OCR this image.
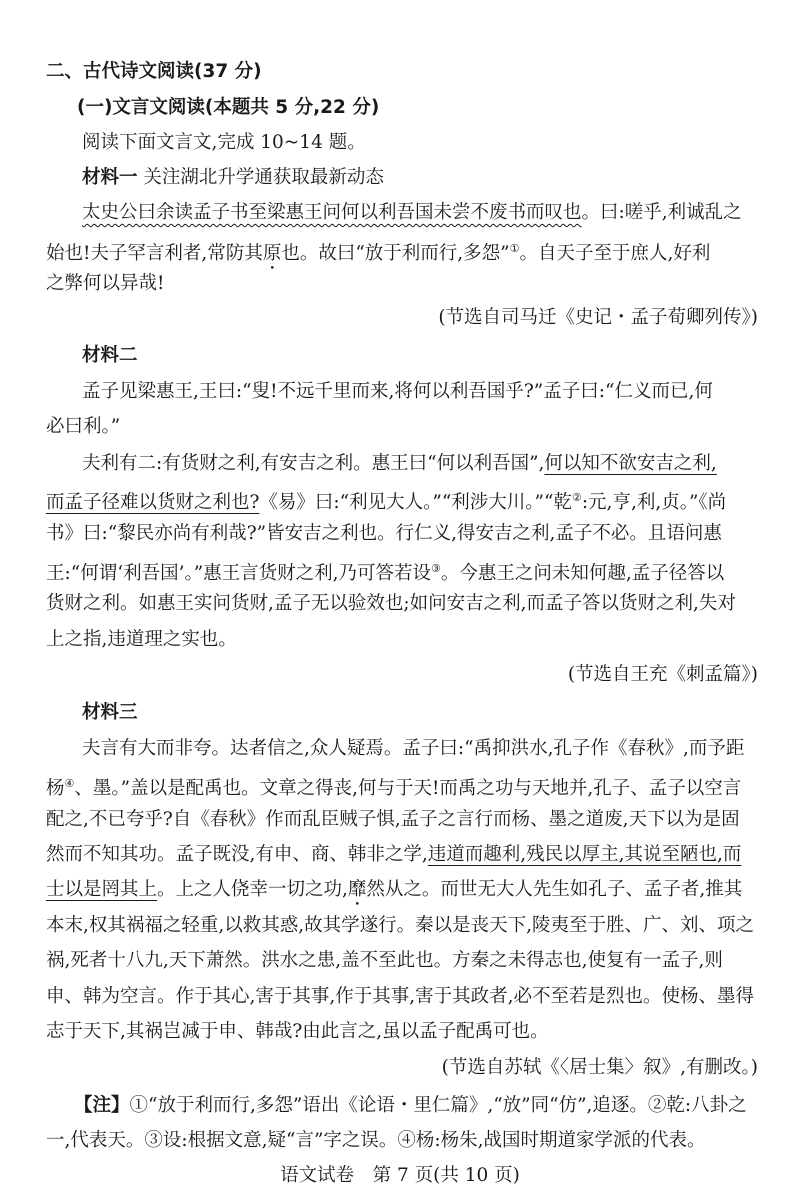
二、古代诗文阅读(37 分)
(一)文言文阅读(本题共 5 分,22 分)
阅读下面文言文,完成 10~14 题。
材料一 关注湖北升学通获取最新动态
太史公曰余读孟子书至梁惠王问何以利吾国未尝不废书而叹也。曰:嗟乎,利诚乱之
始也!夫子罕言利者,常防其原也。故曰“放于利而行,多怨”①。自天子至于庶人,好利
之弊何以异哉!
(节选自司马迁《史记・孟子荀卿列传》)
材料二
孟子见梁惠王,王曰:“叟!不远千里而来,将何以利吾国乎?”孟子曰:“仁义而已,何
必曰利。”
夫利有二:有货财之利,有安吉之利。惠王曰“何以利吾国”,何以知不欲安吉之利,
而孟子径难以货财之利也?《易》曰:“利见大人。”“利涉大川。”“乾②:元,亨,利,贞。”《尚
书》曰:“黎民亦尚有利哉?”皆安吉之利也。行仁义,得安吉之利,孟子不必。且语问惠
王:“何谓‘利吾国’。”惠王言货财之利,乃可答若设③。今惠王之问未知何趣,孟子径答以
货财之利。如惠王实问货财,孟子无以验效也;如问安吉之利,而孟子答以货财之利,失对
上之指,违道理之实也。
(节选自王充《刺孟篇》)
材料三
夫言有大而非夸。达者信之,众人疑焉。孟子曰:“禹抑洪水,孔子作《春秋》,而予距
杨④、墨。”盖以是配禹也。文章之得丧,何与于天!而禹之功与天地并,孔子、孟子以空言
配之,不已夸乎?自《春秋》作而乱臣贼子惧,孟子之言行而杨、墨之道废,天下以为是固
然而不知其功。孟子既没,有申、商、韩非之学,违道而趣利,残民以厚主,其说至陋也,而
士以是罔其上。上之人侥幸一切之功,靡然从之。而世无大人先生如孔子、孟子者,推其
本末,权其祸福之轻重,以救其惑,故其学遂行。秦以是丧天下,陵夷至于胜、广、刘、项之
祸,死者十八九,天下萧然。洪水之患,盖不至此也。方秦之未得志也,使复有一孟子,则
申、韩为空言。作于其心,害于其事,作于其事,害于其政者,必不至若是烈也。使杨、墨得
志于天下,其祸岂减于申、韩哉?由此言之,虽以孟子配禹可也。
(节选自苏轼《〈居士集〉叙》,有删改。)
【注】①“放于利而行,多怨”语出《论语・里仁篇》,“放”同“仿”,追逐。②乾:八卦之
一,代表天。③设:根据文意,疑“言”字之误。④杨:杨朱,战国时期道家学派的代表。
语文试卷　第 7 页(共 10 页)
